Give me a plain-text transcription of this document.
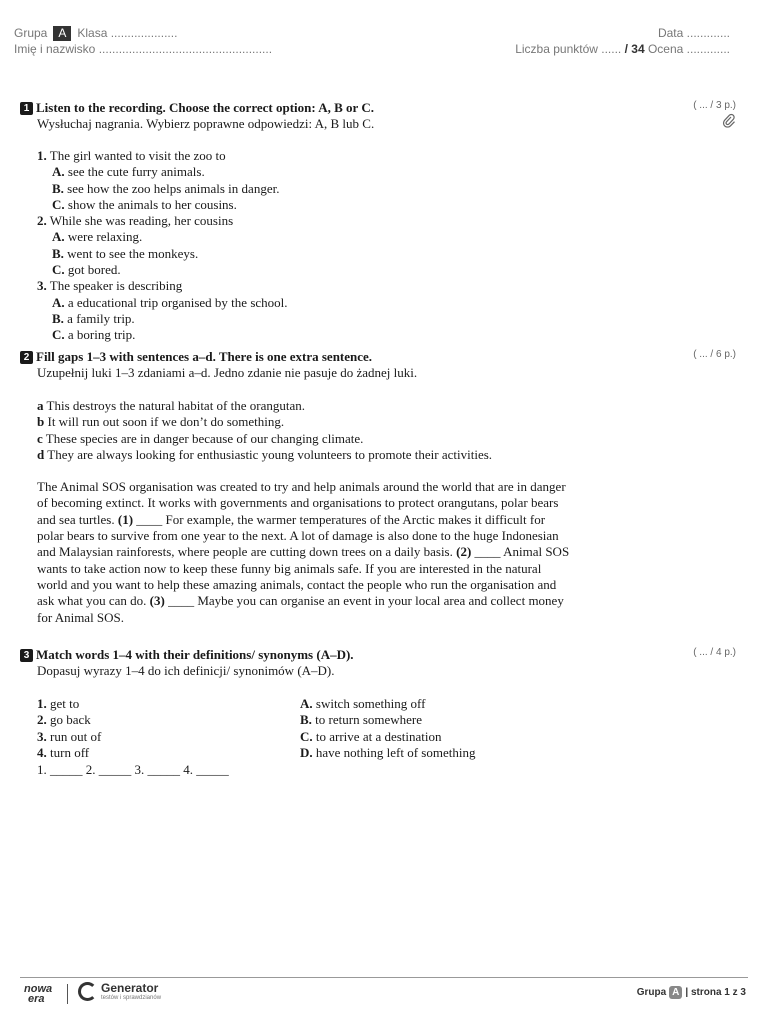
Grupa A Klasa ....................	Data .............
Imię i nazwisko ....................................................	Liczba punktów ...... / 34 Ocena .............
1 Listen to the recording. Choose the correct option: A, B or C.
Wysłuchaj nagrania. Wybierz poprawne odpowiedzi: A, B lub C.
1. The girl wanted to visit the zoo to
A. see the cute furry animals.
B. see how the zoo helps animals in danger.
C. show the animals to her cousins.
2. While she was reading, her cousins
A. were relaxing.
B. went to see the monkeys.
C. got bored.
3. The speaker is describing
A. a educational trip organised by the school.
B. a family trip.
C. a boring trip.
( ... / 3 p.)
2 Fill gaps 1–3 with sentences a–d. There is one extra sentence.
Uzupełnij luki 1–3 zdaniami a–d. Jedno zdanie nie pasuje do żadnej luki.
a This destroys the natural habitat of the orangutan.
b It will run out soon if we don’t do something.
c These species are in danger because of our changing climate.
d They are always looking for enthusiastic young volunteers to promote their activities.
The Animal SOS organisation was created to try and help animals around the world that are in danger of becoming extinct. It works with governments and organisations to protect orangutans, polar bears and sea turtles. (1) ____ For example, the warmer temperatures of the Arctic makes it difficult for polar bears to survive from one year to the next. A lot of damage is also done to the huge Indonesian and Malaysian rainforests, where people are cutting down trees on a daily basis. (2) ____ Animal SOS wants to take action now to keep these funny big animals safe. If you are interested in the natural world and you want to help these amazing animals, contact the people who run the organisation and ask what you can do. (3) ____ Maybe you can organise an event in your local area and collect money for Animal SOS.
( ... / 6 p.)
3 Match words 1–4 with their definitions/ synonyms (A–D).
Dopasuj wyrazy 1–4 do ich definicji/ synonimów (A–D).
1. get to
2. go back
3. run out of
4. turn off
A. switch something off
B. to return somewhere
C. to arrive at a destination
D. have nothing left of something
1. _____ 2. _____ 3. _____ 4. _____
( ... / 4 p.)
nowa
era
Generator
testów i sprawdzianów	Grupa A | strona 1 z 3
